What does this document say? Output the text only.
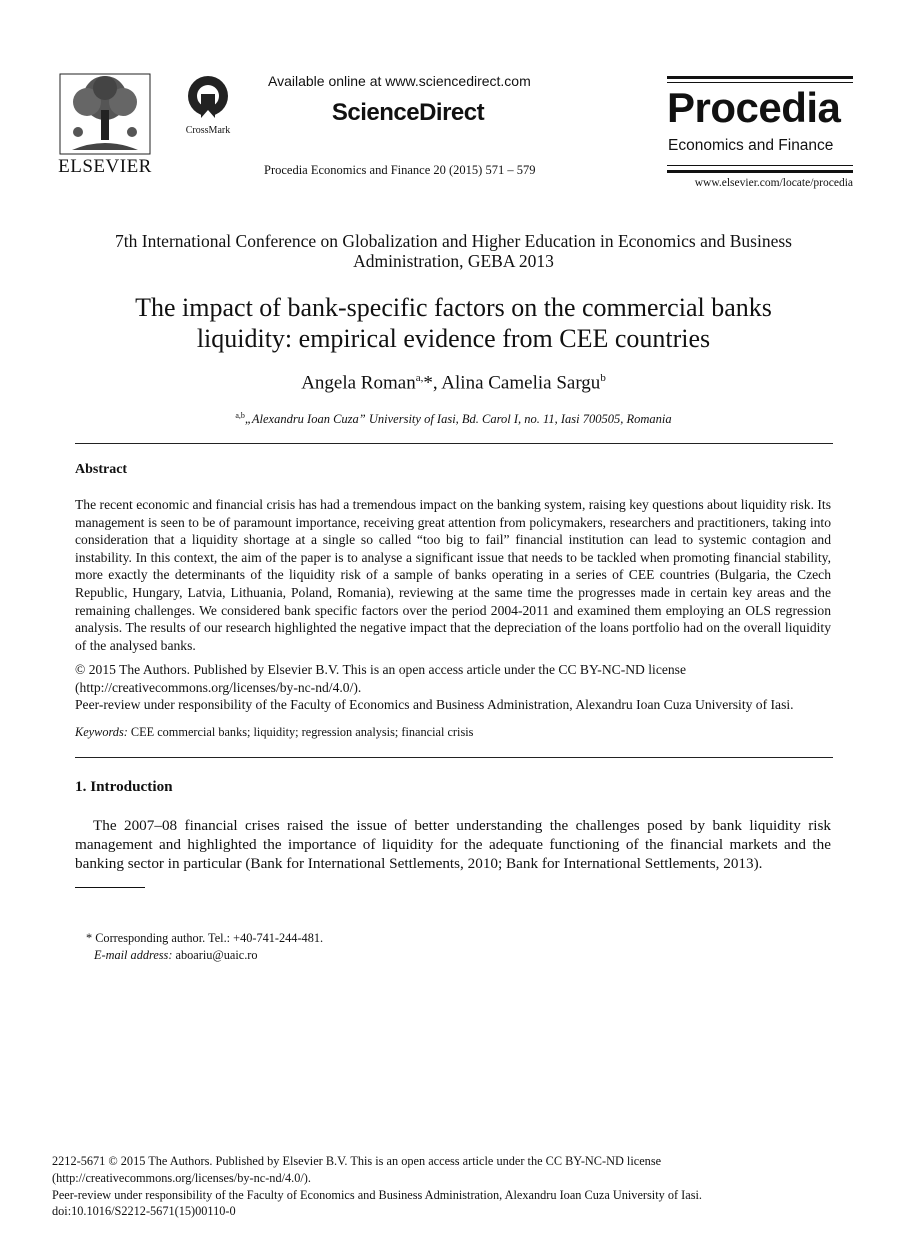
ELSEVIER
CrossMark
Available online at www.sciencedirect.com
ScienceDirect
Procedia Economics and Finance 20 (2015) 571 – 579
Procedia
Economics and Finance
www.elsevier.com/locate/procedia
7th International Conference on Globalization and Higher Education in Economics and Business Administration, GEBA 2013
The impact of bank-specific factors on the commercial banks
liquidity: empirical evidence from CEE countries
Angela Roman$^{a,}$*, Alina Camelia Sargu$^b$
$^{a,b}$„Alexandru Ioan Cuza” University of Iasi, Bd. Carol I, no. 11, Iasi 700505, Romania
Abstract
The recent economic and financial crisis has had a tremendous impact on the banking system, raising key questions about liquidity risk. Its management is seen to be of paramount importance, receiving great attention from policymakers, researchers and practitioners, taking into consideration that a liquidity shortage at a single so called “too big to fail” financial institution can lead to systemic contagion and instability. In this context, the aim of the paper is to analyse a significant issue that needs to be tackled when promoting financial stability, more exactly the determinants of the liquidity risk of a sample of banks operating in a series of CEE countries (Bulgaria, the Czech Republic, Hungary, Latvia, Lithuania, Poland, Romania), reviewing at the same time the progresses made in certain key areas and the remaining challenges. We considered bank specific factors over the period 2004-2011 and examined them employing an OLS regression analysis. The results of our research highlighted the negative impact that the depreciation of the loans portfolio had on the overall liquidity of the analysed banks.
© 2015 The Authors. Published by Elsevier B.V. This is an open access article under the CC BY-NC-ND license
(http://creativecommons.org/licenses/by-nc-nd/4.0/).
Peer-review under responsibility of the Faculty of Economics and Business Administration, Alexandru Ioan Cuza University of Iasi.
Keywords: CEE commercial banks; liquidity; regression analysis; financial crisis
1. Introduction
The 2007–08 financial crises raised the issue of better understanding the challenges posed by bank liquidity risk management and highlighted the importance of liquidity for the adequate functioning of the financial markets and the banking sector in particular (Bank for International Settlements, 2010; Bank for International Settlements, 2013).
* Corresponding author. Tel.: +40-741-244-481.
E-mail address: aboariu@uaic.ro
2212-5671 © 2015 The Authors. Published by Elsevier B.V. This is an open access article under the CC BY-NC-ND license
(http://creativecommons.org/licenses/by-nc-nd/4.0/).
Peer-review under responsibility of the Faculty of Economics and Business Administration, Alexandru Ioan Cuza University of Iasi.
doi:10.1016/S2212-5671(15)00110-0
